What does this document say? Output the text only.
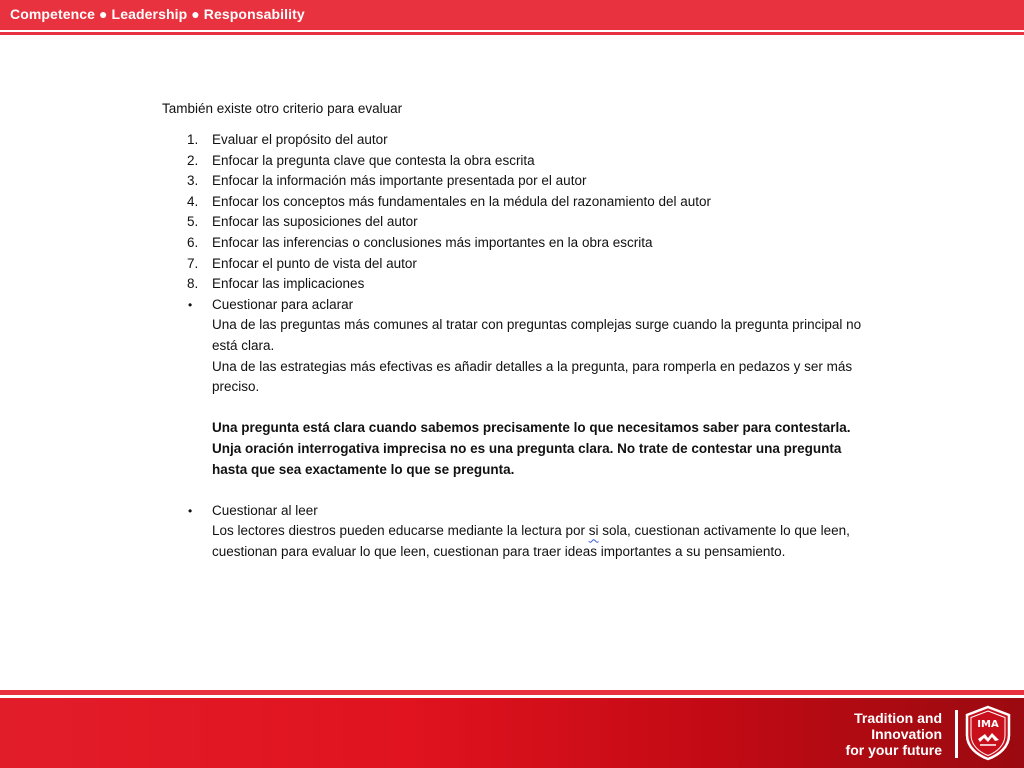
Competence ● Leadership ● Responsability

También existe otro criterio para evaluar

1. Evaluar el propósito del autor
2. Enfocar la pregunta clave que contesta la obra escrita
3. Enfocar la información más importante presentada por el autor
4. Enfocar los conceptos más fundamentales en la médula del razonamiento del autor
5. Enfocar las suposiciones del autor
6. Enfocar las inferencias o conclusiones más importantes en la obra escrita
7. Enfocar el punto de vista del autor
8. Enfocar las implicaciones
• Cuestionar para aclarar
Una de las preguntas más comunes al tratar con preguntas complejas surge cuando la pregunta principal no está clara.
Una de las estrategias más efectivas es añadir detalles a la pregunta, para romperla en pedazos y ser más preciso.
Una pregunta está clara cuando sabemos precisamente lo que necesitamos saber para contestarla. Unja oración interrogativa imprecisa no es una pregunta clara. No trate de contestar una pregunta hasta que sea exactamente lo que se pregunta.
• Cuestionar al leer
Los lectores diestros pueden educarse mediante la lectura por si sola, cuestionan activamente lo que leen, cuestionan para evaluar lo que leen, cuestionan para traer ideas importantes a su pensamiento.
Tradition and
Innovation
for your future
IMA
